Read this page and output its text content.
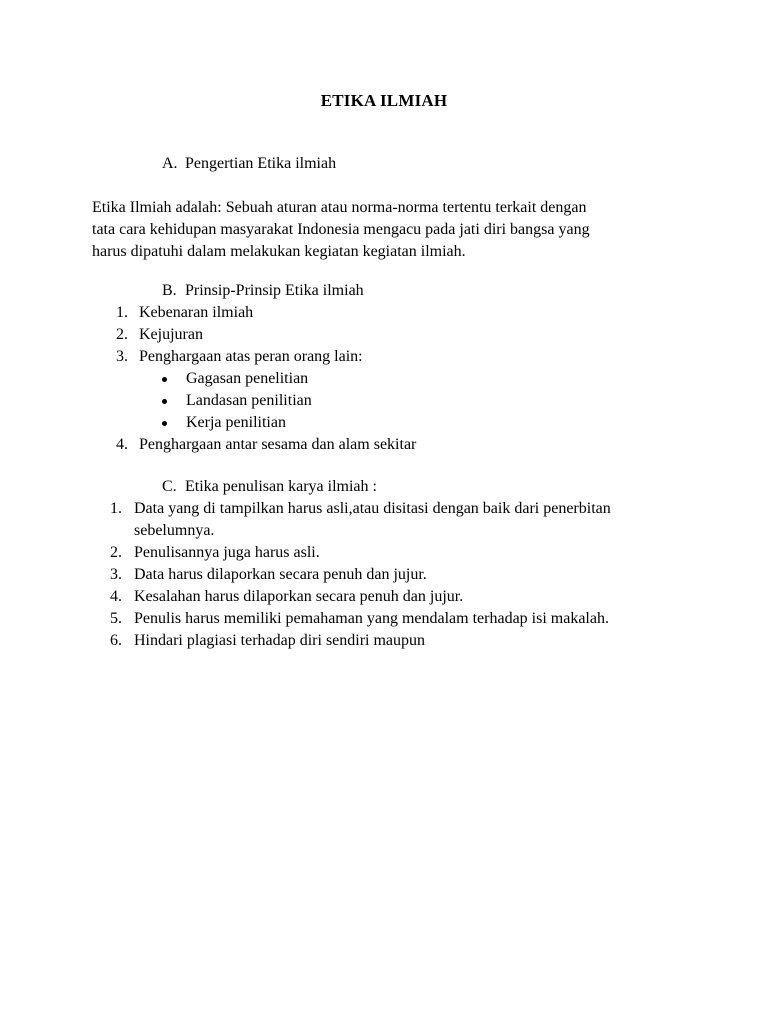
ETIKA ILMIAH
A. Pengertian Etika ilmiah
Etika Ilmiah adalah: Sebuah aturan atau norma-norma tertentu terkait dengan
tata cara kehidupan masyarakat Indonesia mengacu pada jati diri bangsa yang
harus dipatuhi dalam melakukan kegiatan kegiatan ilmiah.
B. Prinsip-Prinsip Etika ilmiah
1. Kebenaran ilmiah
2. Kejujuran
3. Penghargaan atas peran orang lain:
Gagasan penelitian
Landasan penilitian
Kerja penilitian
4. Penghargaan antar sesama dan alam sekitar
C. Etika penulisan karya ilmiah :
1. Data yang di tampilkan harus asli,atau disitasi dengan baik dari penerbitan
sebelumnya.
2. Penulisannya juga harus asli.
3. Data harus dilaporkan secara penuh dan jujur.
4. Kesalahan harus dilaporkan secara penuh dan jujur.
5. Penulis harus memiliki pemahaman yang mendalam terhadap isi makalah.
6. Hindari plagiasi terhadap diri sendiri maupun
